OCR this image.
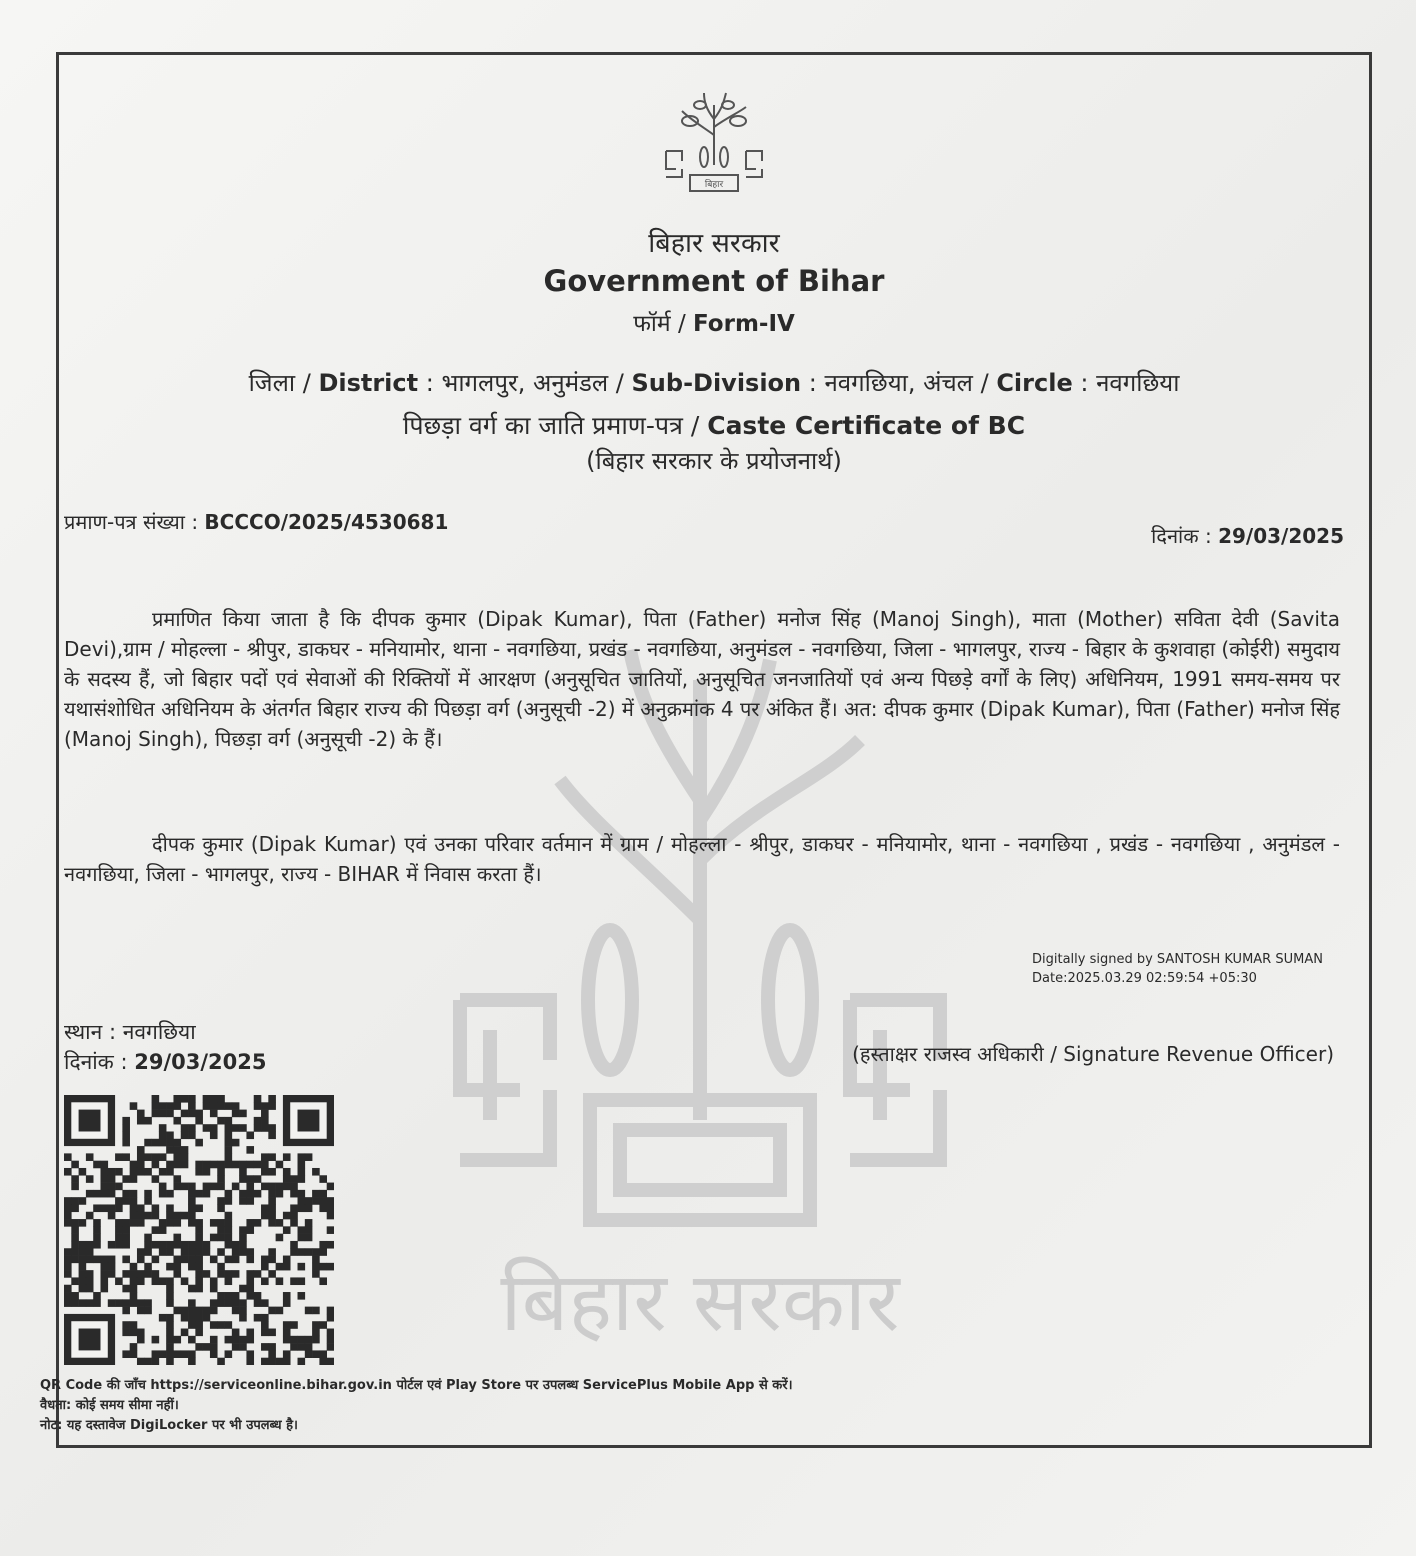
बिहार सरकार
बिहार
बिहार सरकार
Government of Bihar
फॉर्म / Form-IV
जिला / District : भागलपुर, अनुमंडल / Sub-Division : नवगछिया, अंचल / Circle : नवगछिया
पिछड़ा वर्ग का जाति प्रमाण-पत्र / Caste Certificate of BC
(बिहार सरकार के प्रयोजनार्थ)
प्रमाण-पत्र संख्या : BCCCO/2025/4530681
दिनांक : 29/03/2025
प्रमाणित किया जाता है कि दीपक कुमार (Dipak Kumar), पिता (Father) मनोज सिंह (Manoj Singh), माता (Mother) सविता देवी (Savita Devi),ग्राम / मोहल्ला - श्रीपुर, डाकघर - मनियामोर, थाना - नवगछिया, प्रखंड - नवगछिया, अनुमंडल - नवगछिया, जिला - भागलपुर, राज्य - बिहार के कुशवाहा (कोईरी) समुदाय के सदस्य हैं, जो बिहार पदों एवं सेवाओं की रिक्तियों में आरक्षण (अनुसूचित जातियों, अनुसूचित जनजातियों एवं अन्य पिछड़े वर्गों के लिए) अधिनियम, 1991 समय-समय पर यथासंशोधित अधिनियम के अंतर्गत बिहार राज्य की पिछड़ा वर्ग (अनुसूची -2) में अनुक्रमांक 4 पर अंकित हैं। अत: दीपक कुमार (Dipak Kumar), पिता (Father) मनोज सिंह (Manoj Singh), पिछड़ा वर्ग (अनुसूची -2) के हैं।
दीपक कुमार (Dipak Kumar) एवं उनका परिवार वर्तमान में ग्राम / मोहल्ला - श्रीपुर, डाकघर - मनियामोर, थाना - नवगछिया , प्रखंड - नवगछिया , अनुमंडल - नवगछिया, जिला - भागलपुर, राज्य - BIHAR में निवास करता हैं।
Digitally signed by SANTOSH KUMAR SUMAN
Date:2025.03.29 02:59:54 +05:30
स्थान : नवगछिया
दिनांक : 29/03/2025	(हस्ताक्षर राजस्व अधिकारी / Signature Revenue Officer)
QR Code की जाँच https://serviceonline.bihar.gov.in पोर्टल एवं Play Store पर उपलब्ध ServicePlus Mobile App से करें।
वैधता: कोई समय सीमा नहीं।
नोट: यह दस्तावेज DigiLocker पर भी उपलब्ध है।
